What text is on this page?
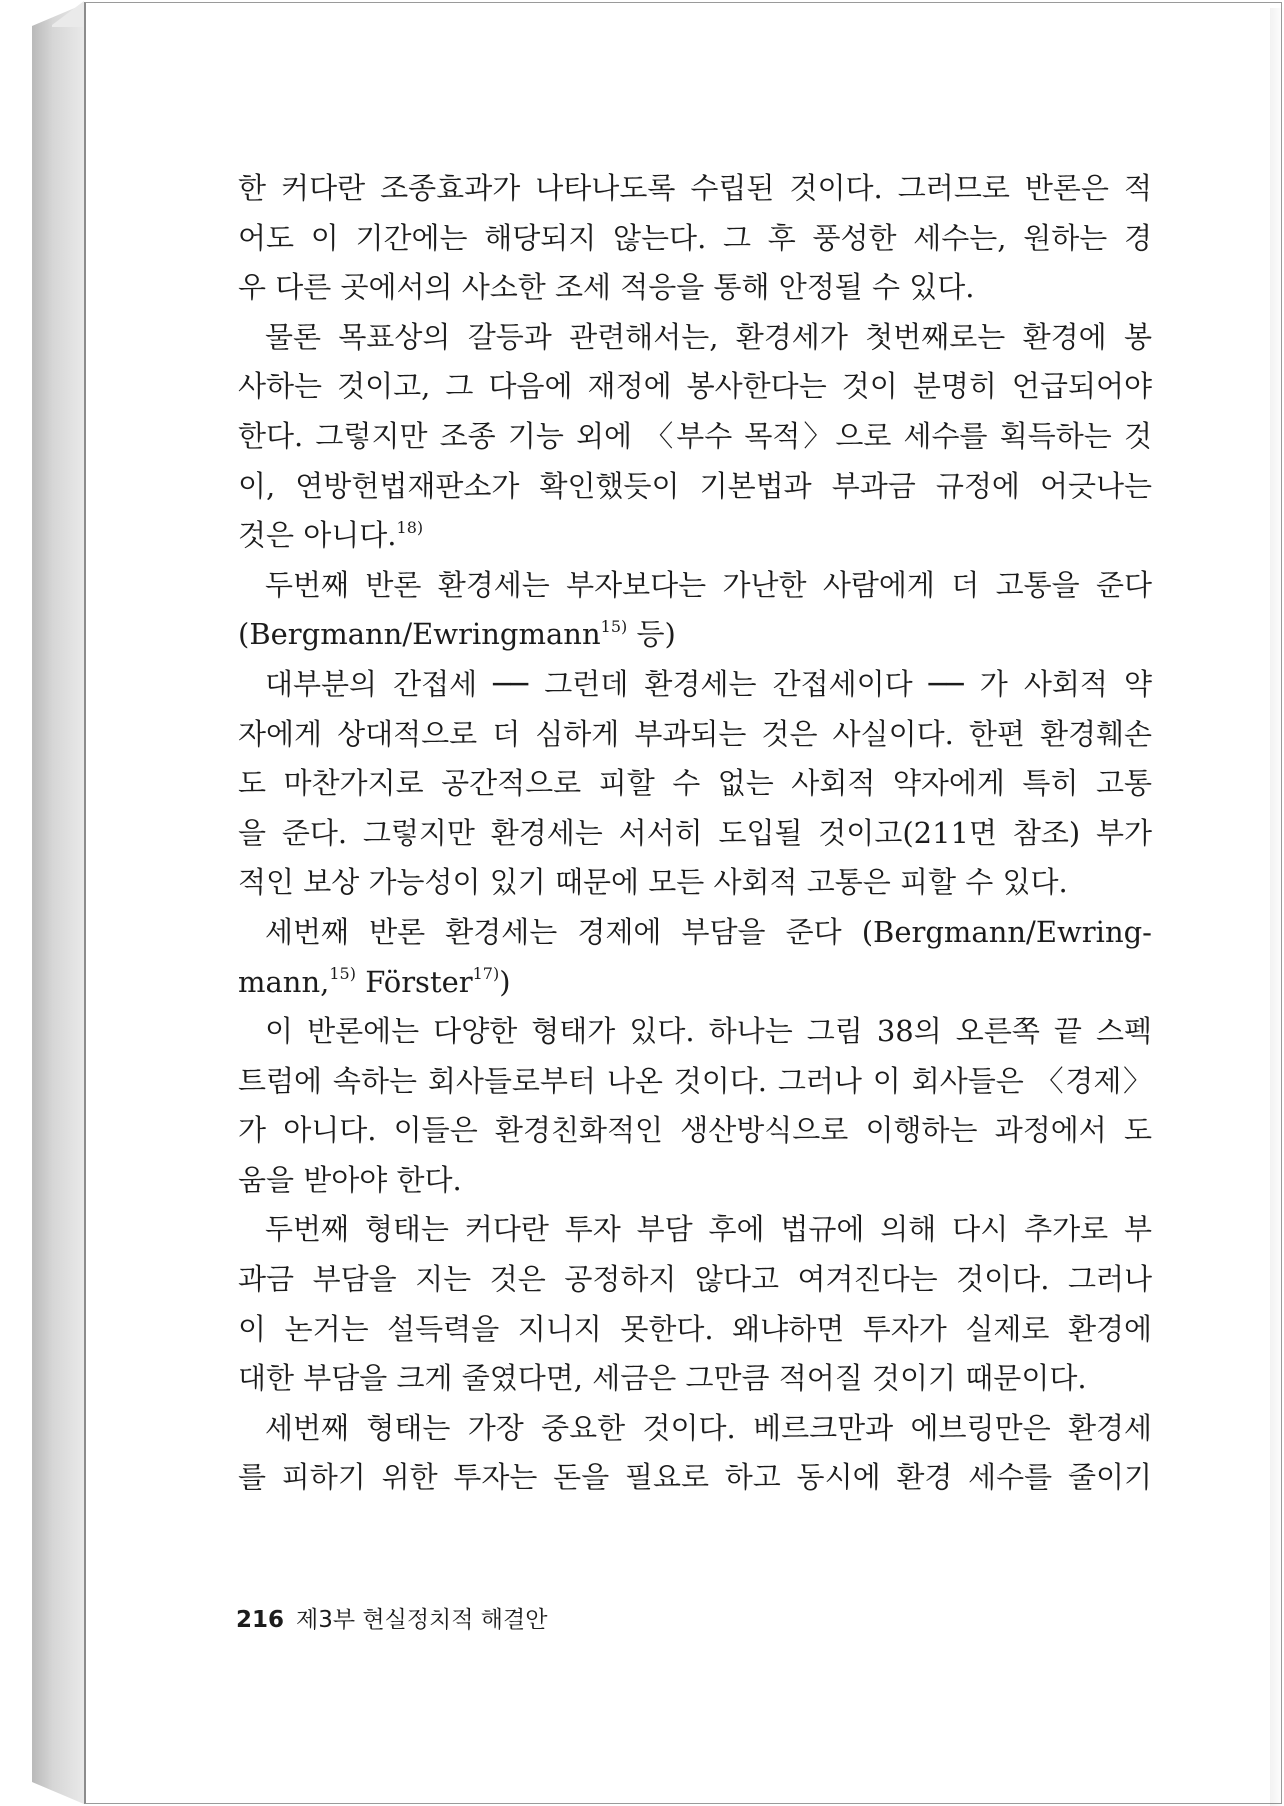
한 커다란 조종효과가 나타나도록 수립된 것이다. 그러므로 반론은 적
어도 이 기간에는 해당되지 않는다. 그 후 풍성한 세수는, 원하는 경
우 다른 곳에서의 사소한 조세 적응을 통해 안정될 수 있다.
물론 목표상의 갈등과 관련해서는, 환경세가 첫번째로는 환경에 봉
사하는 것이고, 그 다음에 재정에 봉사한다는 것이 분명히 언급되어야
한다. 그렇지만 조종 기능 외에 〈부수 목적〉으로 세수를 획득하는 것
이, 연방헌법재판소가 확인했듯이 기본법과 부과금 규정에 어긋나는
것은 아니다.$^{18)}$
두번째 반론 환경세는 부자보다는 가난한 사람에게 더 고통을 준다
(Bergmann/Ewringmann$^{15)}$ 등)
대부분의 간접세 ── 그런데 환경세는 간접세이다 ── 가 사회적 약
자에게 상대적으로 더 심하게 부과되는 것은 사실이다. 한편 환경훼손
도 마찬가지로 공간적으로 피할 수 없는 사회적 약자에게 특히 고통
을 준다. 그렇지만 환경세는 서서히 도입될 것이고(211면 참조) 부가
적인 보상 가능성이 있기 때문에 모든 사회적 고통은 피할 수 있다.
세번째 반론 환경세는 경제에 부담을 준다 (Bergmann/Ewring-
mann,$^{15)}$ Förster$^{17)}$)
이 반론에는 다양한 형태가 있다. 하나는 그림 38의 오른쪽 끝 스펙
트럼에 속하는 회사들로부터 나온 것이다. 그러나 이 회사들은 〈경제〉
가 아니다. 이들은 환경친화적인 생산방식으로 이행하는 과정에서 도
움을 받아야 한다.
두번째 형태는 커다란 투자 부담 후에 법규에 의해 다시 추가로 부
과금 부담을 지는 것은 공정하지 않다고 여겨진다는 것이다. 그러나
이 논거는 설득력을 지니지 못한다. 왜냐하면 투자가 실제로 환경에
대한 부담을 크게 줄였다면, 세금은 그만큼 적어질 것이기 때문이다.
세번째 형태는 가장 중요한 것이다. 베르크만과 에브링만은 환경세
를 피하기 위한 투자는 돈을 필요로 하고 동시에 환경 세수를 줄이기
216 제3부 현실정치적 해결안
